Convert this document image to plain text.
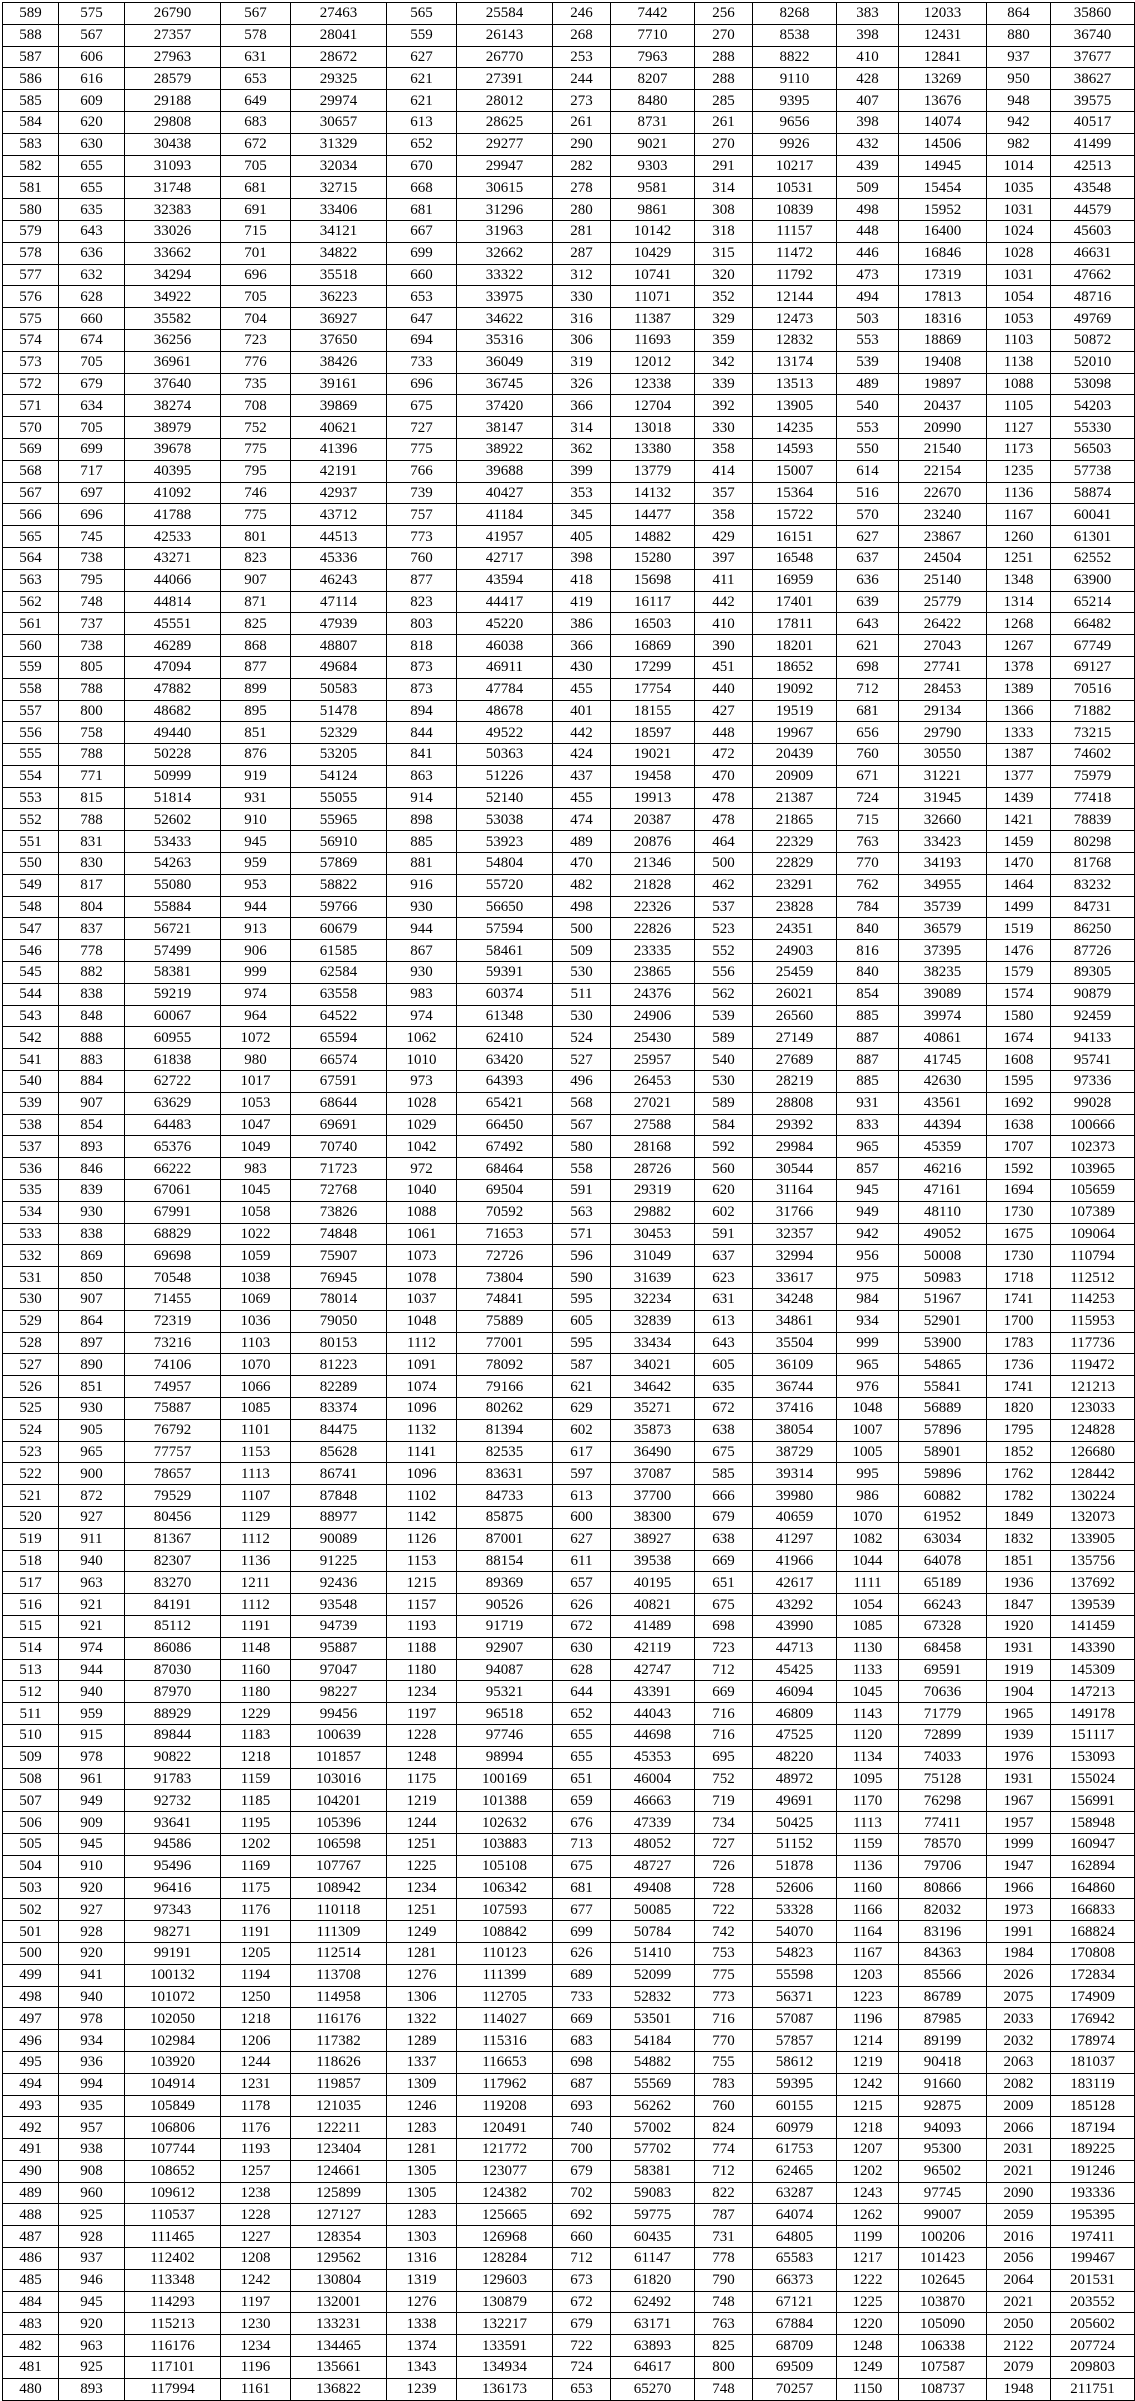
589	575	26790	567	27463	565	25584	246	7442	256	8268	383	12033	864	35860
588	567	27357	578	28041	559	26143	268	7710	270	8538	398	12431	880	36740
587	606	27963	631	28672	627	26770	253	7963	288	8822	410	12841	937	37677
586	616	28579	653	29325	621	27391	244	8207	288	9110	428	13269	950	38627
585	609	29188	649	29974	621	28012	273	8480	285	9395	407	13676	948	39575
584	620	29808	683	30657	613	28625	261	8731	261	9656	398	14074	942	40517
583	630	30438	672	31329	652	29277	290	9021	270	9926	432	14506	982	41499
582	655	31093	705	32034	670	29947	282	9303	291	10217	439	14945	1014	42513
581	655	31748	681	32715	668	30615	278	9581	314	10531	509	15454	1035	43548
580	635	32383	691	33406	681	31296	280	9861	308	10839	498	15952	1031	44579
579	643	33026	715	34121	667	31963	281	10142	318	11157	448	16400	1024	45603
578	636	33662	701	34822	699	32662	287	10429	315	11472	446	16846	1028	46631
577	632	34294	696	35518	660	33322	312	10741	320	11792	473	17319	1031	47662
576	628	34922	705	36223	653	33975	330	11071	352	12144	494	17813	1054	48716
575	660	35582	704	36927	647	34622	316	11387	329	12473	503	18316	1053	49769
574	674	36256	723	37650	694	35316	306	11693	359	12832	553	18869	1103	50872
573	705	36961	776	38426	733	36049	319	12012	342	13174	539	19408	1138	52010
572	679	37640	735	39161	696	36745	326	12338	339	13513	489	19897	1088	53098
571	634	38274	708	39869	675	37420	366	12704	392	13905	540	20437	1105	54203
570	705	38979	752	40621	727	38147	314	13018	330	14235	553	20990	1127	55330
569	699	39678	775	41396	775	38922	362	13380	358	14593	550	21540	1173	56503
568	717	40395	795	42191	766	39688	399	13779	414	15007	614	22154	1235	57738
567	697	41092	746	42937	739	40427	353	14132	357	15364	516	22670	1136	58874
566	696	41788	775	43712	757	41184	345	14477	358	15722	570	23240	1167	60041
565	745	42533	801	44513	773	41957	405	14882	429	16151	627	23867	1260	61301
564	738	43271	823	45336	760	42717	398	15280	397	16548	637	24504	1251	62552
563	795	44066	907	46243	877	43594	418	15698	411	16959	636	25140	1348	63900
562	748	44814	871	47114	823	44417	419	16117	442	17401	639	25779	1314	65214
561	737	45551	825	47939	803	45220	386	16503	410	17811	643	26422	1268	66482
560	738	46289	868	48807	818	46038	366	16869	390	18201	621	27043	1267	67749
559	805	47094	877	49684	873	46911	430	17299	451	18652	698	27741	1378	69127
558	788	47882	899	50583	873	47784	455	17754	440	19092	712	28453	1389	70516
557	800	48682	895	51478	894	48678	401	18155	427	19519	681	29134	1366	71882
556	758	49440	851	52329	844	49522	442	18597	448	19967	656	29790	1333	73215
555	788	50228	876	53205	841	50363	424	19021	472	20439	760	30550	1387	74602
554	771	50999	919	54124	863	51226	437	19458	470	20909	671	31221	1377	75979
553	815	51814	931	55055	914	52140	455	19913	478	21387	724	31945	1439	77418
552	788	52602	910	55965	898	53038	474	20387	478	21865	715	32660	1421	78839
551	831	53433	945	56910	885	53923	489	20876	464	22329	763	33423	1459	80298
550	830	54263	959	57869	881	54804	470	21346	500	22829	770	34193	1470	81768
549	817	55080	953	58822	916	55720	482	21828	462	23291	762	34955	1464	83232
548	804	55884	944	59766	930	56650	498	22326	537	23828	784	35739	1499	84731
547	837	56721	913	60679	944	57594	500	22826	523	24351	840	36579	1519	86250
546	778	57499	906	61585	867	58461	509	23335	552	24903	816	37395	1476	87726
545	882	58381	999	62584	930	59391	530	23865	556	25459	840	38235	1579	89305
544	838	59219	974	63558	983	60374	511	24376	562	26021	854	39089	1574	90879
543	848	60067	964	64522	974	61348	530	24906	539	26560	885	39974	1580	92459
542	888	60955	1072	65594	1062	62410	524	25430	589	27149	887	40861	1674	94133
541	883	61838	980	66574	1010	63420	527	25957	540	27689	887	41745	1608	95741
540	884	62722	1017	67591	973	64393	496	26453	530	28219	885	42630	1595	97336
539	907	63629	1053	68644	1028	65421	568	27021	589	28808	931	43561	1692	99028
538	854	64483	1047	69691	1029	66450	567	27588	584	29392	833	44394	1638	100666
537	893	65376	1049	70740	1042	67492	580	28168	592	29984	965	45359	1707	102373
536	846	66222	983	71723	972	68464	558	28726	560	30544	857	46216	1592	103965
535	839	67061	1045	72768	1040	69504	591	29319	620	31164	945	47161	1694	105659
534	930	67991	1058	73826	1088	70592	563	29882	602	31766	949	48110	1730	107389
533	838	68829	1022	74848	1061	71653	571	30453	591	32357	942	49052	1675	109064
532	869	69698	1059	75907	1073	72726	596	31049	637	32994	956	50008	1730	110794
531	850	70548	1038	76945	1078	73804	590	31639	623	33617	975	50983	1718	112512
530	907	71455	1069	78014	1037	74841	595	32234	631	34248	984	51967	1741	114253
529	864	72319	1036	79050	1048	75889	605	32839	613	34861	934	52901	1700	115953
528	897	73216	1103	80153	1112	77001	595	33434	643	35504	999	53900	1783	117736
527	890	74106	1070	81223	1091	78092	587	34021	605	36109	965	54865	1736	119472
526	851	74957	1066	82289	1074	79166	621	34642	635	36744	976	55841	1741	121213
525	930	75887	1085	83374	1096	80262	629	35271	672	37416	1048	56889	1820	123033
524	905	76792	1101	84475	1132	81394	602	35873	638	38054	1007	57896	1795	124828
523	965	77757	1153	85628	1141	82535	617	36490	675	38729	1005	58901	1852	126680
522	900	78657	1113	86741	1096	83631	597	37087	585	39314	995	59896	1762	128442
521	872	79529	1107	87848	1102	84733	613	37700	666	39980	986	60882	1782	130224
520	927	80456	1129	88977	1142	85875	600	38300	679	40659	1070	61952	1849	132073
519	911	81367	1112	90089	1126	87001	627	38927	638	41297	1082	63034	1832	133905
518	940	82307	1136	91225	1153	88154	611	39538	669	41966	1044	64078	1851	135756
517	963	83270	1211	92436	1215	89369	657	40195	651	42617	1111	65189	1936	137692
516	921	84191	1112	93548	1157	90526	626	40821	675	43292	1054	66243	1847	139539
515	921	85112	1191	94739	1193	91719	672	41489	698	43990	1085	67328	1920	141459
514	974	86086	1148	95887	1188	92907	630	42119	723	44713	1130	68458	1931	143390
513	944	87030	1160	97047	1180	94087	628	42747	712	45425	1133	69591	1919	145309
512	940	87970	1180	98227	1234	95321	644	43391	669	46094	1045	70636	1904	147213
511	959	88929	1229	99456	1197	96518	652	44043	716	46809	1143	71779	1965	149178
510	915	89844	1183	100639	1228	97746	655	44698	716	47525	1120	72899	1939	151117
509	978	90822	1218	101857	1248	98994	655	45353	695	48220	1134	74033	1976	153093
508	961	91783	1159	103016	1175	100169	651	46004	752	48972	1095	75128	1931	155024
507	949	92732	1185	104201	1219	101388	659	46663	719	49691	1170	76298	1967	156991
506	909	93641	1195	105396	1244	102632	676	47339	734	50425	1113	77411	1957	158948
505	945	94586	1202	106598	1251	103883	713	48052	727	51152	1159	78570	1999	160947
504	910	95496	1169	107767	1225	105108	675	48727	726	51878	1136	79706	1947	162894
503	920	96416	1175	108942	1234	106342	681	49408	728	52606	1160	80866	1966	164860
502	927	97343	1176	110118	1251	107593	677	50085	722	53328	1166	82032	1973	166833
501	928	98271	1191	111309	1249	108842	699	50784	742	54070	1164	83196	1991	168824
500	920	99191	1205	112514	1281	110123	626	51410	753	54823	1167	84363	1984	170808
499	941	100132	1194	113708	1276	111399	689	52099	775	55598	1203	85566	2026	172834
498	940	101072	1250	114958	1306	112705	733	52832	773	56371	1223	86789	2075	174909
497	978	102050	1218	116176	1322	114027	669	53501	716	57087	1196	87985	2033	176942
496	934	102984	1206	117382	1289	115316	683	54184	770	57857	1214	89199	2032	178974
495	936	103920	1244	118626	1337	116653	698	54882	755	58612	1219	90418	2063	181037
494	994	104914	1231	119857	1309	117962	687	55569	783	59395	1242	91660	2082	183119
493	935	105849	1178	121035	1246	119208	693	56262	760	60155	1215	92875	2009	185128
492	957	106806	1176	122211	1283	120491	740	57002	824	60979	1218	94093	2066	187194
491	938	107744	1193	123404	1281	121772	700	57702	774	61753	1207	95300	2031	189225
490	908	108652	1257	124661	1305	123077	679	58381	712	62465	1202	96502	2021	191246
489	960	109612	1238	125899	1305	124382	702	59083	822	63287	1243	97745	2090	193336
488	925	110537	1228	127127	1283	125665	692	59775	787	64074	1262	99007	2059	195395
487	928	111465	1227	128354	1303	126968	660	60435	731	64805	1199	100206	2016	197411
486	937	112402	1208	129562	1316	128284	712	61147	778	65583	1217	101423	2056	199467
485	946	113348	1242	130804	1319	129603	673	61820	790	66373	1222	102645	2064	201531
484	945	114293	1197	132001	1276	130879	672	62492	748	67121	1225	103870	2021	203552
483	920	115213	1230	133231	1338	132217	679	63171	763	67884	1220	105090	2050	205602
482	963	116176	1234	134465	1374	133591	722	63893	825	68709	1248	106338	2122	207724
481	925	117101	1196	135661	1343	134934	724	64617	800	69509	1249	107587	2079	209803
480	893	117994	1161	136822	1239	136173	653	65270	748	70257	1150	108737	1948	211751
